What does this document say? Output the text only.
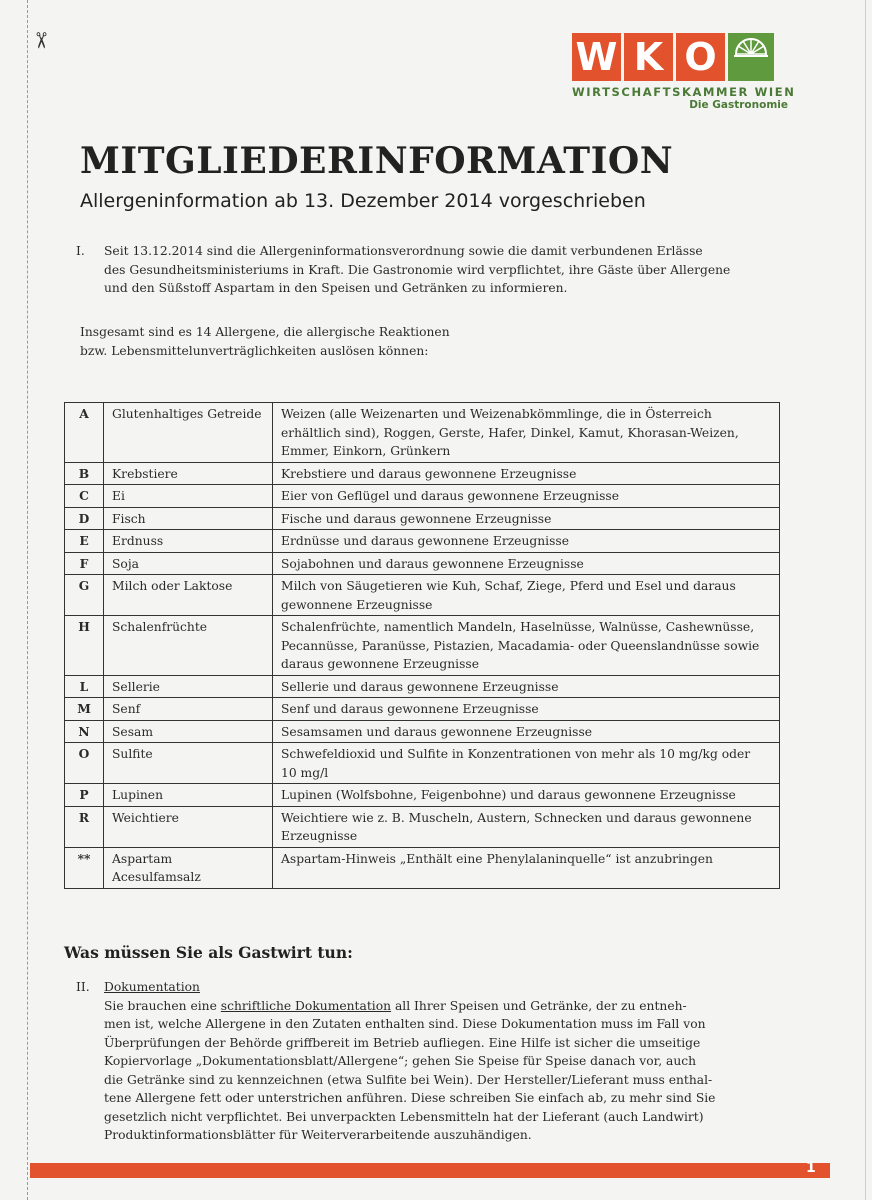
✂	W K O
WIRTSCHAFTSKAMMER WIEN
Die Gastronomie
MITGLIEDERINFORMATION
Allergeninformation ab 13. Dezember 2014 vorgeschrieben
I. Seit 13.12.2014 sind die Allergeninformationsverordnung sowie die damit verbundenen Erlässe
des Gesundheitsministeriums in Kraft. Die Gastronomie wird verpflichtet, ihre Gäste über Allergene
und den Süßstoff Aspartam in den Speisen und Getränken zu informieren.
Insgesamt sind es 14 Allergene, die allergische Reaktionen
bzw. Lebensmittelunverträglichkeiten auslösen können:
A	Glutenhaltiges Getreide	Weizen (alle Weizenarten und Weizenabkömmlinge, die in Österreich
erhältlich sind), Roggen, Gerste, Hafer, Dinkel, Kamut, Khorasan-Weizen,
Emmer, Einkorn, Grünkern

B	Krebstiere	Krebstiere und daraus gewonnene Erzeugnisse

C	Ei	Eier von Geflügel und daraus gewonnene Erzeugnisse

D	Fisch	Fische und daraus gewonnene Erzeugnisse

E	Erdnuss	Erdnüsse und daraus gewonnene Erzeugnisse

F	Soja	Sojabohnen und daraus gewonnene Erzeugnisse

G	Milch oder Laktose	Milch von Säugetieren wie Kuh, Schaf, Ziege, Pferd und Esel und daraus
gewonnene Erzeugnisse

H	Schalenfrüchte	Schalenfrüchte, namentlich Mandeln, Haselnüsse, Walnüsse, Cashewnüsse,
Pecannüsse, Paranüsse, Pistazien, Macadamia- oder Queenslandnüsse sowie
daraus gewonnene Erzeugnisse

L	Sellerie	Sellerie und daraus gewonnene Erzeugnisse

M	Senf	Senf und daraus gewonnene Erzeugnisse

N	Sesam	Sesamsamen und daraus gewonnene Erzeugnisse

O	Sulfite	Schwefeldioxid und Sulfite in Konzentrationen von mehr als 10 mg/kg oder
10 mg/l

P	Lupinen	Lupinen (Wolfsbohne, Feigenbohne) und daraus gewonnene Erzeugnisse

R	Weichtiere	Weichtiere wie z. B. Muscheln, Austern, Schnecken und daraus gewonnene
Erzeugnisse

**	Aspartam
Acesulfamsalz	Aspartam-Hinweis „Enthält eine Phenylalaninquelle“ ist anzubringen
Was müssen Sie als Gastwirt tun:
II. Dokumentation
Sie brauchen eine schriftliche Dokumentation all Ihrer Speisen und Getränke, der zu entneh-
men ist, welche Allergene in den Zutaten enthalten sind. Diese Dokumentation muss im Fall von
Überprüfungen der Behörde griffbereit im Betrieb aufliegen. Eine Hilfe ist sicher die umseitige
Kopiervorlage „Dokumentationsblatt/Allergene“; gehen Sie Speise für Speise danach vor, auch
die Getränke sind zu kennzeichnen (etwa Sulfite bei Wein). Der Hersteller/Lieferant muss enthal-
tene Allergene fett oder unterstrichen anführen. Diese schreiben Sie einfach ab, zu mehr sind Sie
gesetzlich nicht verpflichtet. Bei unverpackten Lebensmitteln hat der Lieferant (auch Landwirt)
Produktinformationsblätter für Weiterverarbeitende auszuhändigen.
1
